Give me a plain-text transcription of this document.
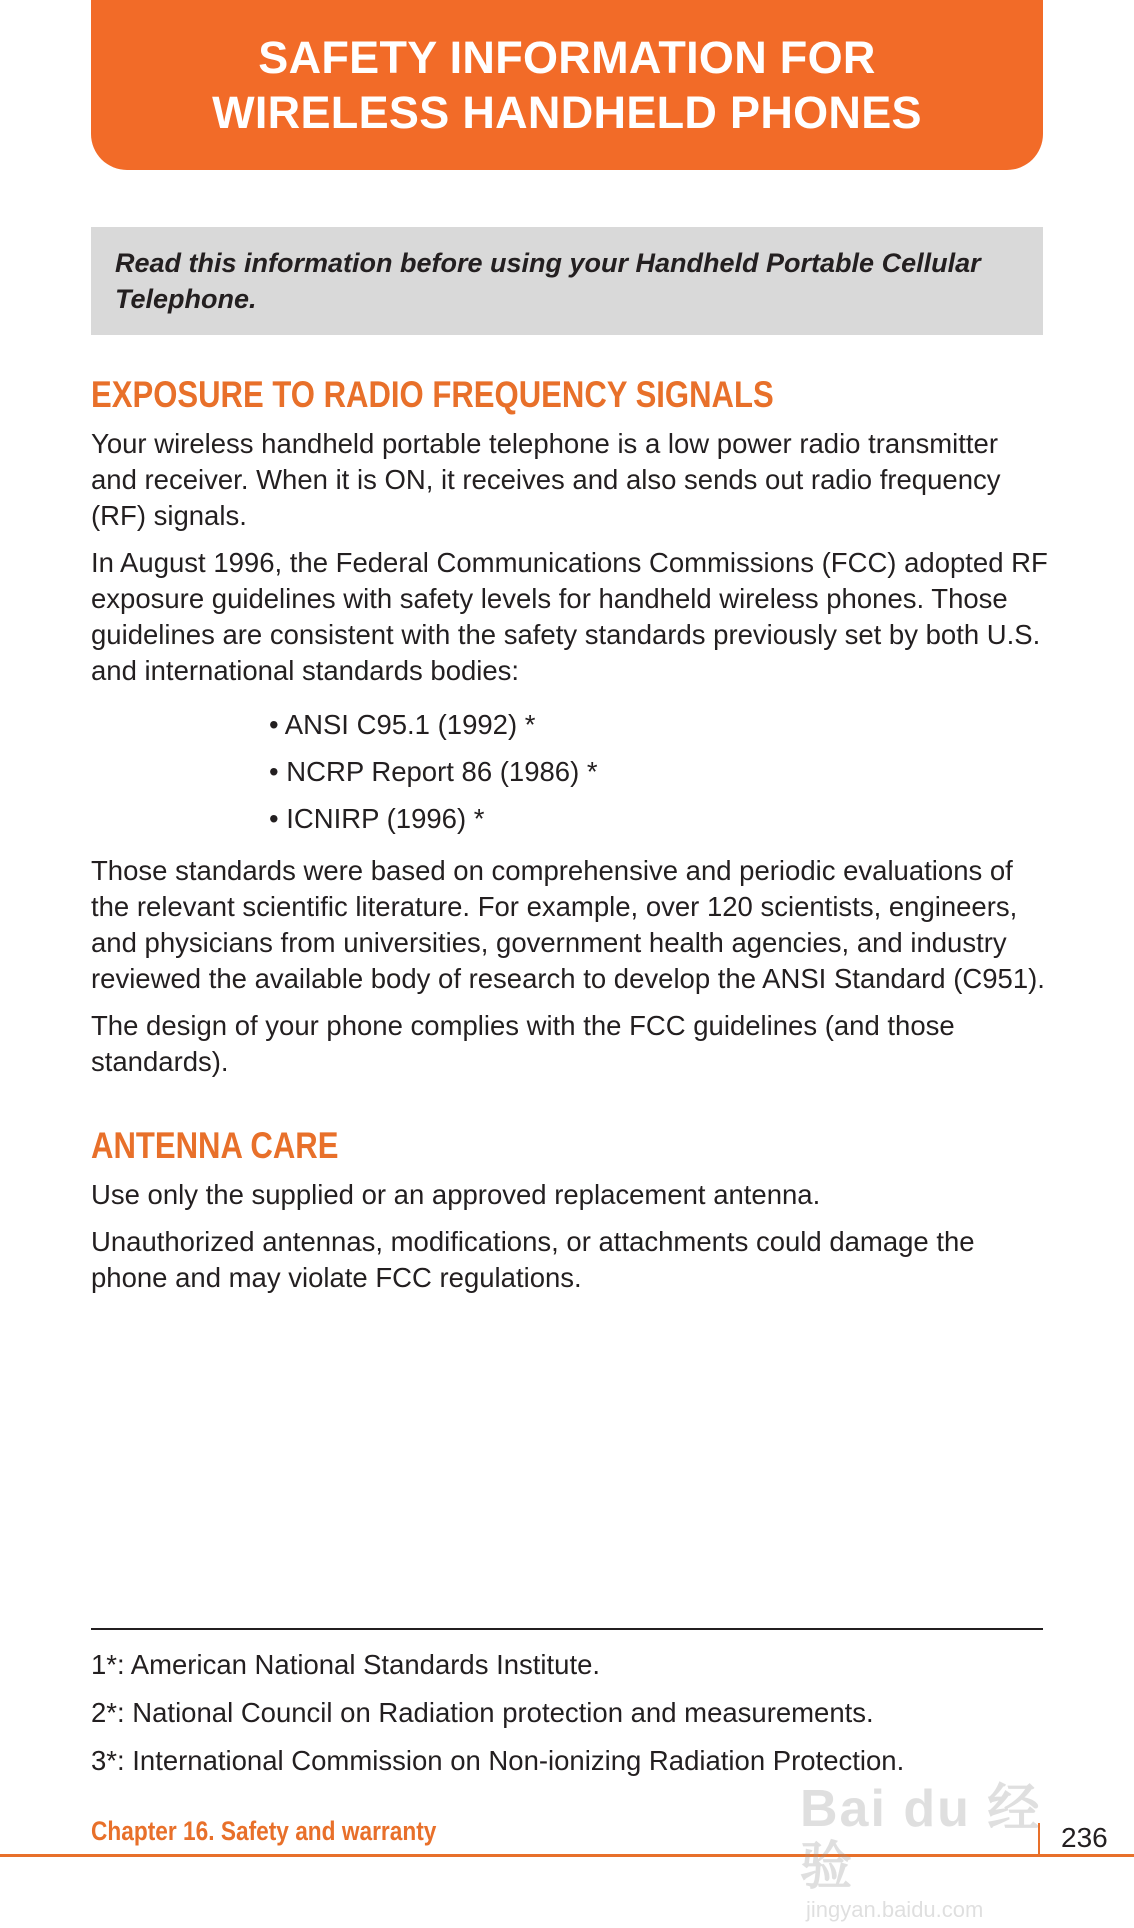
SAFETY INFORMATION FOR WIRELESS HANDHELD PHONES

Read this information before using your Handheld Portable Cellular Telephone.

EXPOSURE TO RADIO FREQUENCY SIGNALS

Your wireless handheld portable telephone is a low power radio transmitter and receiver. When it is ON, it receives and also sends out radio frequency (RF) signals.

In August 1996, the Federal Communications Commissions (FCC) adopted RF exposure guidelines with safety levels for handheld wireless phones. Those guidelines are consistent with the safety standards previously set by both U.S. and international standards bodies:

• ANSI C95.1 (1992) *
• NCRP Report 86 (1986) *
• ICNIRP (1996) *

Those standards were based on comprehensive and periodic evaluations of the relevant scientific literature. For example, over 120 scientists, engineers, and physicians from universities, government health agencies, and industry reviewed the available body of research to develop the ANSI Standard (C951).

The design of your phone complies with the FCC guidelines (and those standards).

ANTENNA CARE

Use only the supplied or an approved replacement antenna.

Unauthorized antennas, modifications, or attachments could damage the phone and may violate FCC regulations.

1*: American National Standards Institute.

2*: National Council on Radiation protection and measurements.

3*: International Commission on Non-ionizing Radiation Protection.

Chapter 16. Safety and warranty	236
Bai du 经验
jingyan.baidu.com
